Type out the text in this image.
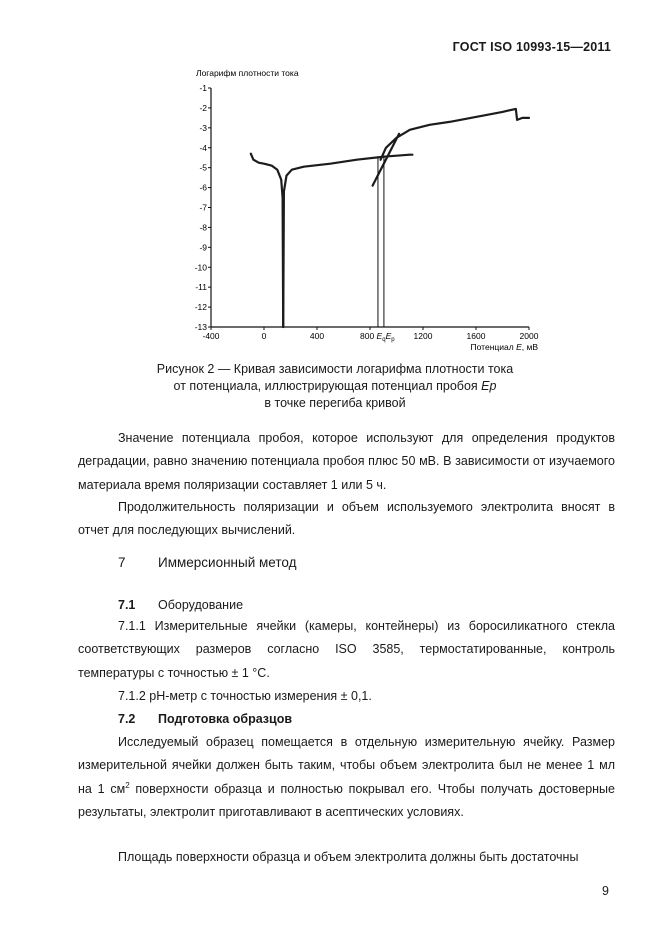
ГОСТ ISO 10993-15—2011
Логарифм плотности тока
-1
-2
-3
-4
-5
-6
-7
-8
-9
-10
-11
-12
-13
-400	0	400	1200	1600	2000
800 $E_qE_p$
Потенциал E, мВ
Рисунок 2 — Кривая зависимости логарифма плотности тока
от потенциала, иллюстрирующая потенциал пробоя Ep
в точке перегиба кривой
Значение потенциала пробоя, которое используют для определения продуктов деградации, равно значению потенциала пробоя плюс 50 мВ. В зависимости от изучаемого материала время поляризации составляет 1 или 5 ч.
Продолжительность поляризации и объем используемого электролита вносят в отчет для последующих вычислений.
7 Иммерсионный метод
7.1 Оборудование
7.1.1 Измерительные ячейки (камеры, контейнеры) из боросиликатного стекла соответствующих размеров согласно ISO 3585, термостатированные, контроль температуры с точностью ± 1 °С.
7.1.2 рН-метр с точностью измерения ± 0,1.
7.2 Подготовка образцов
Исследуемый образец помещается в отдельную измерительную ячейку. Размер измерительной ячейки должен быть таким, чтобы объем электролита был не менее 1 мл на 1 $см^2$ поверхности образца и полностью покрывал его. Чтобы получать достоверные результаты, электролит приготавливают в асептических условиях.
Площадь поверхности образца и объем электролита должны быть достаточны
9
